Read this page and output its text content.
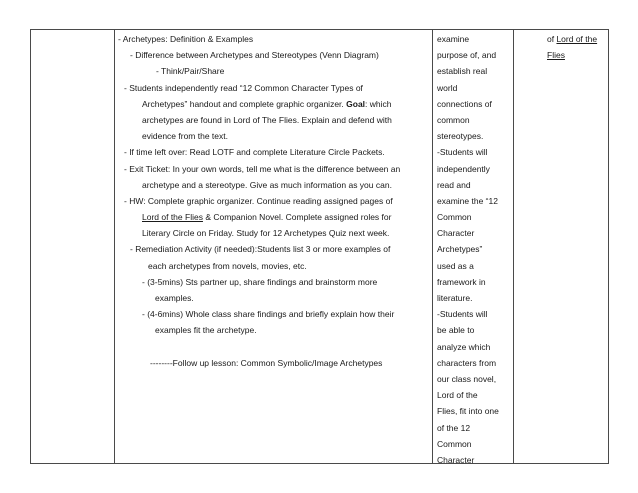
- Archetypes: Definition & Examples
- Difference between Archetypes and Stereotypes (Venn Diagram)
- Think/Pair/Share
- Students independently read “12 Common Character Types of
Archetypes” handout and complete graphic organizer. Goal: which
archetypes are found in Lord of The Flies. Explain and defend with
evidence from the text.
- If time left over: Read LOTF and complete Literature Circle Packets.
- Exit Ticket: In your own words, tell me what is the difference between an
archetype and a stereotype. Give as much information as you can.
- HW: Complete graphic organizer. Continue reading assigned pages of
Lord of the Flies & Companion Novel. Complete assigned roles for
Literary Circle on Friday. Study for 12 Archetypes Quiz next week.
- Remediation Activity (if needed):Students list 3 or more examples of
each archetypes from novels, movies, etc.
- (3-5mins) Sts partner up, share findings and brainstorm more
examples.
- (4-6mins) Whole class share findings and briefly explain how their
examples fit the archetype.
--------Follow up lesson: Common Symbolic/Image Archetypes
examine
purpose of, and
establish real
world
connections of
common
stereotypes.
-Students will
independently
read and
examine the “12
Common
Character
Archetypes”
used as a
framework in
literature.
-Students will
be able to
analyze which
characters from
our class novel,
Lord of the
Flies, fit into one
of the 12
Common
Character
of Lord of the
Flies
